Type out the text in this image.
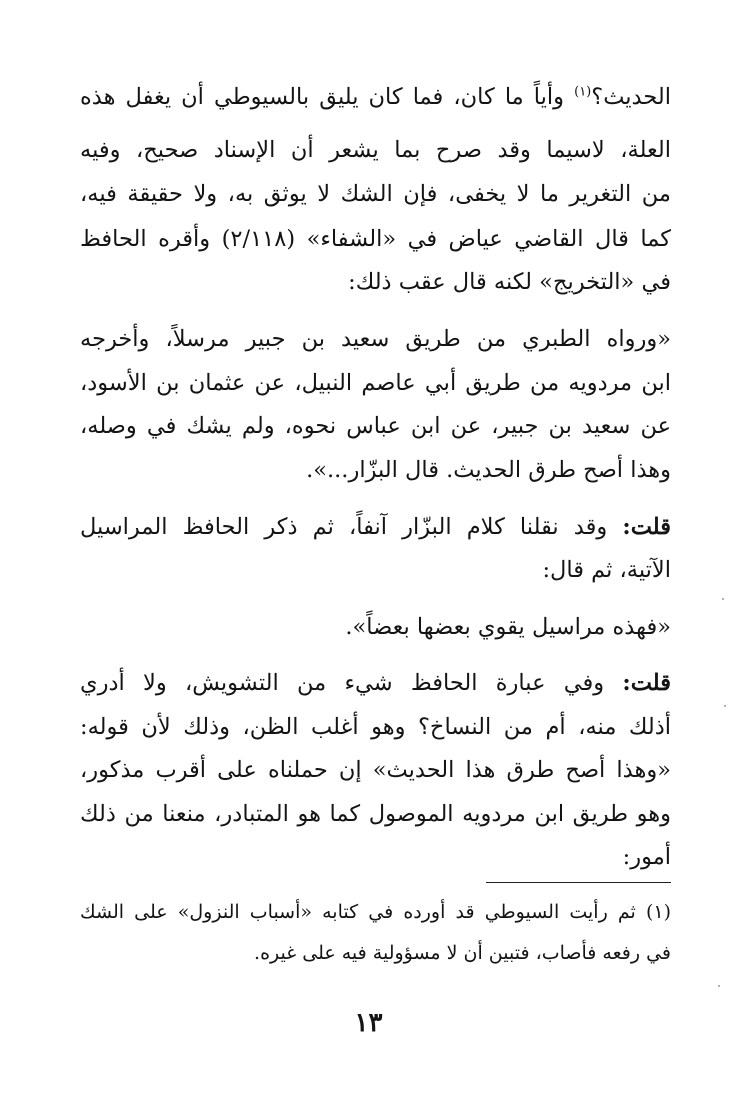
الحديث؟$^{(١)}$ وأياً ما كان، فما كان يليق بالسيوطي أن يغفل هذه
العلة، لاسيما وقد صرح بما يشعر أن الإسناد صحيح، وفيه
من التغرير ما لا يخفى، فإن الشك لا يوثق به، ولا حقيقة فيه،
كما قال القاضي عياض في «الشفاء» (٢/١١٨) وأقره الحافظ
في «التخريج» لكنه قال عقب ذلك:
«ورواه الطبري من طريق سعيد بن جبير مرسلاً، وأخرجه
ابن مردويه من طريق أبي عاصم النبيل، عن عثمان بن الأسود،
عن سعيد بن جبير، عن ابن عباس نحوه، ولم يشك في وصله،
وهذا أصح طرق الحديث. قال البزّار...».
قلت: وقد نقلنا كلام البزّار آنفاً، ثم ذكر الحافظ المراسيل
الآتية، ثم قال:
«فهذه مراسيل يقوي بعضها بعضاً».
قلت: وفي عبارة الحافظ شيء من التشويش، ولا أدري
أذلك منه، أم من النساخ؟ وهو أغلب الظن، وذلك لأن قوله:
«وهذا أصح طرق هذا الحديث» إن حملناه على أقرب مذكور،
وهو طريق ابن مردويه الموصول كما هو المتبادر، منعنا من ذلك
أمور:
(١) ثم رأيت السيوطي قد أورده في كتابه «أسباب النزول» على الشك
في رفعه فأصاب، فتبين أن لا مسؤولية فيه على غيره.
١٣
